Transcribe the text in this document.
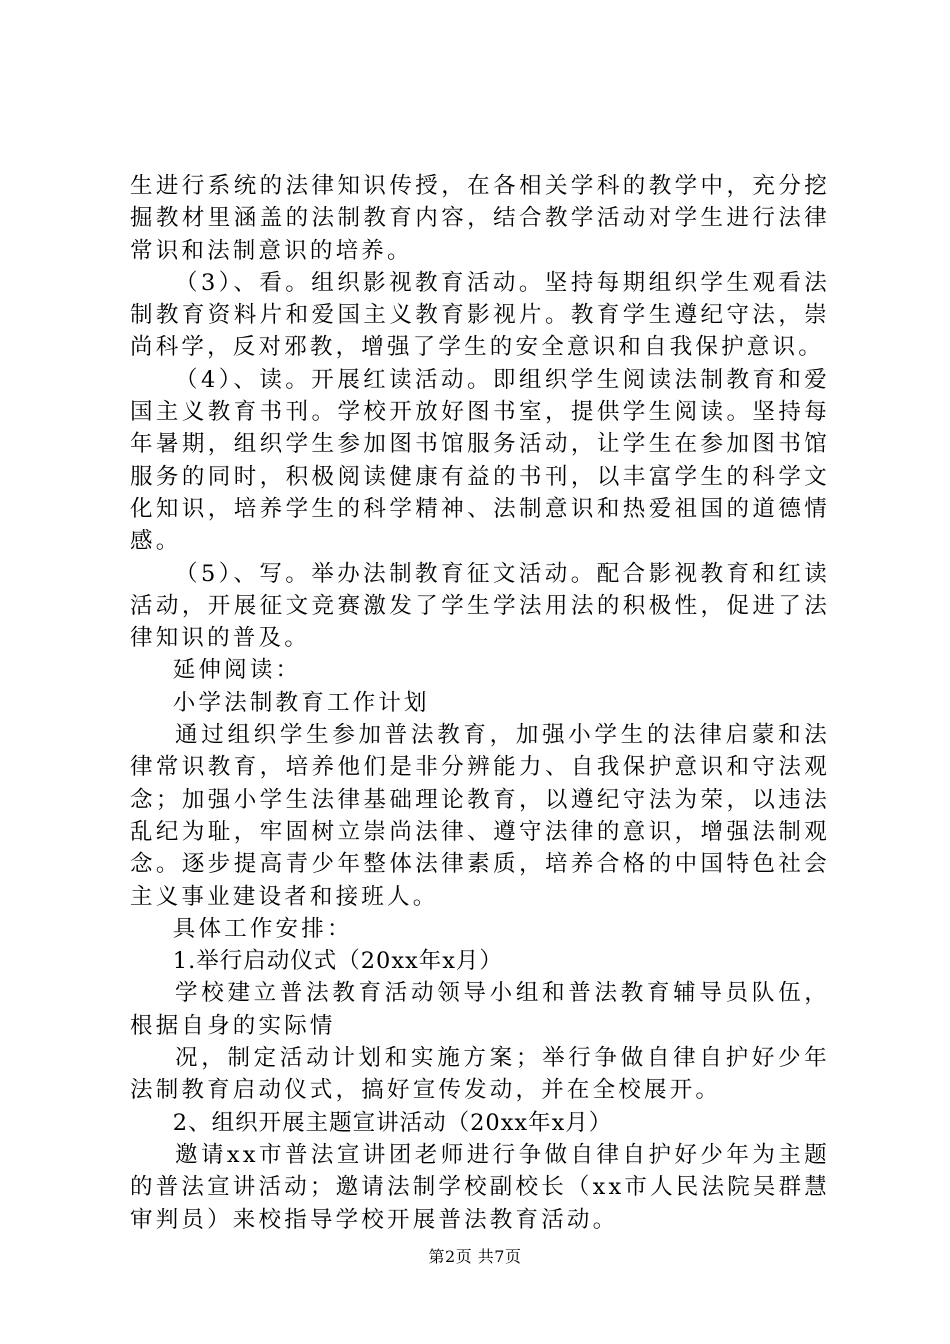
生进行系统的法律知识传授，在各相关学科的教学中，充分挖掘教材里涵盖的法制教育内容，结合教学活动对学生进行法律常识和法制意识的培养。

（3）、看。组织影视教育活动。坚持每期组织学生观看法制教育资料片和爱国主义教育影视片。教育学生遵纪守法，崇尚科学，反对邪教，增强了学生的安全意识和自我保护意识。

（4）、读。开展红读活动。即组织学生阅读法制教育和爱国主义教育书刊。学校开放好图书室，提供学生阅读。坚持每年暑期，组织学生参加图书馆服务活动，让学生在参加图书馆服务的同时，积极阅读健康有益的书刊，以丰富学生的科学文化知识，培养学生的科学精神、法制意识和热爱祖国的道德情感。

（5）、写。举办法制教育征文活动。配合影视教育和红读活动，开展征文竞赛激发了学生学法用法的积极性，促进了法律知识的普及。

延伸阅读：

小学法制教育工作计划

通过组织学生参加普法教育，加强小学生的法律启蒙和法律常识教育，培养他们是非分辨能力、自我保护意识和守法观念；加强小学生法律基础理论教育，以遵纪守法为荣，以违法乱纪为耻，牢固树立崇尚法律、遵守法律的意识，增强法制观念。逐步提高青少年整体法律素质，培养合格的中国特色社会主义事业建设者和接班人。

具体工作安排：

1.举行启动仪式（20xx年x月）

学校建立普法教育活动领导小组和普法教育辅导员队伍，根据自身的实际情

况，制定活动计划和实施方案；举行争做自律自护好少年法制教育启动仪式，搞好宣传发动，并在全校展开。

2、组织开展主题宣讲活动（20xx年x月）

邀请xx市普法宣讲团老师进行争做自律自护好少年为主题的普法宣讲活动；邀请法制学校副校长（xx市人民法院吴群慧审判员）来校指导学校开展普法教育活动。

第2页 共7页
